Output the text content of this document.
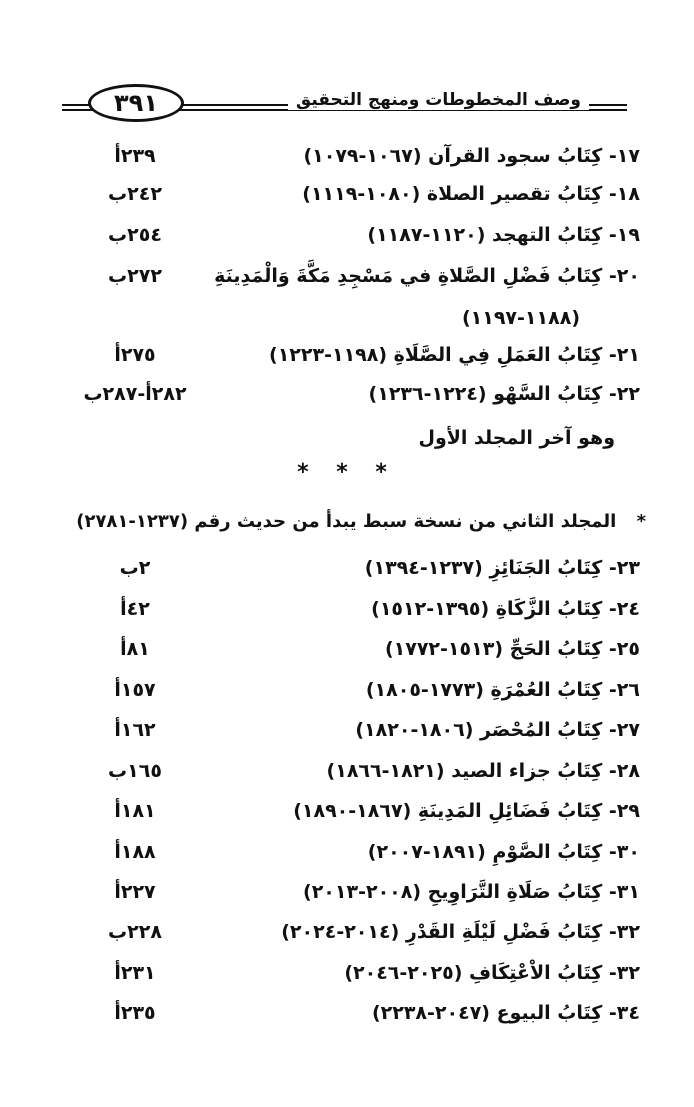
٣٩١	وصف المخطوطات ومنهج التحقيق
١٧- كِتَابُ سجود القرآن (١٠٦٧-١٠٧٩)
٢٣٩أ
١٨- كِتَابُ تقصير الصلاة (١٠٨٠-١١١٩)
٢٤٢ب
١٩- كِتَابُ التهجد (١١٢٠-١١٨٧)
٢٥٤ب
٢٠- كِتَابُ فَضْلِ الصَّلاةِ في مَسْجِدِ مَكَّةَ وَالْمَدِينَةِ
٢٧٢ب
(١١٨٨-١١٩٧)
٢١- كِتَابُ العَمَلِ فِي الصَّلَاةِ (١١٩٨-١٢٢٣)
٢٧٥أ
٢٢- كِتَابُ السَّهْو (١٢٢٤-١٢٣٦)
٢٨٢أ-٢٨٧ب
وهو آخر المجلد الأول
* * *
* المجلد الثاني من نسخة سبط يبدأ من حديث رقم (١٢٣٧-٢٧٨١)
٢٣- كِتَابُ الجَنَائِزِ (١٢٣٧-١٣٩٤)
٢ب
٢٤- كِتَابُ الزَّكَاةِ (١٣٩٥-١٥١٢)
٤٢أ
٢٥- كِتَابُ الحَجِّ (١٥١٣-١٧٧٢)
٨١أ
٢٦- كِتَابُ العُمْرَةِ (١٧٧٣-١٨٠٥)
١٥٧أ
٢٧- كِتَابُ المُحْصَر (١٨٠٦-١٨٢٠)
١٦٢أ
٢٨- كِتَابُ جزاء الصيد (١٨٢١-١٨٦٦)
١٦٥ب
٢٩- كِتَابُ فَضَائِلِ المَدِينَةِ (١٨٦٧-١٨٩٠)
١٨١أ
٣٠- كِتَابُ الصَّوْمِ (١٨٩١-٢٠٠٧)
١٨٨أ
٣١- كِتَابُ صَلَاةِ التَّرَاوِيحِ (٢٠٠٨-٢٠١٣)
٢٢٧أ
٣٢- كِتَابُ فَضْلِ لَيْلَةِ القَدْرِ (٢٠١٤-٢٠٢٤)
٢٢٨ب
٣٢- كِتَابُ الاْعْتِكَافِ (٢٠٢٥-٢٠٤٦)
٢٣١أ
٣٤- كِتَابُ البيوع (٢٠٤٧-٢٢٣٨)
٢٣٥أ
